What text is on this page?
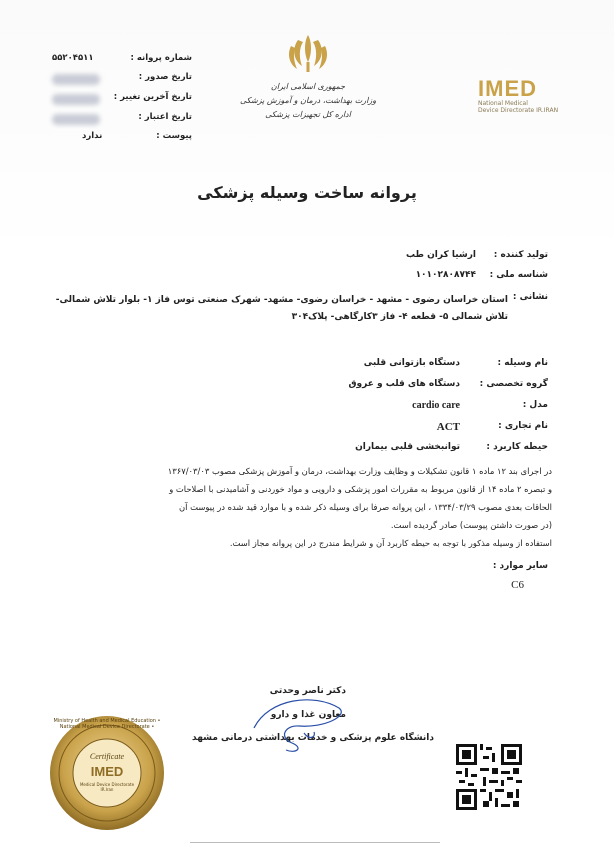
شماره پروانه :
۵۵۲۰۴۵۱۱
تاریخ صدور :
تاریخ آخرین تغییر :
تاریخ اعتبار :
پیوست :
ندارد
جمهوری اسلامی ایران
وزارت بهداشت، درمان و آموزش پزشکی
اداره کل تجهیزات پزشکی
IMED
National Medical
Device Directorate IR.IRAN
پروانه ساخت وسیله پزشکی
تولید کننده :
ارشیا کران طب
شناسه ملی :
۱۰۱۰۲۸۰۸۷۴۴
نشانی :
استان خراسان رضوی - مشهد - خراسان رضوی- مشهد- شهرک صنعتی توس فاز ۱- بلوار تلاش شمالی-
تلاش شمالی ۵- قطعه ۴- فاز ۳کارگاهی- پلاک۳۰۴
نام وسیله :
دستگاه بازتوانی قلبی
گروه تخصصی :
دستگاه های قلب و عروق
مدل :
cardio care
نام تجاری :
ACT
حیطه کاربرد :
توانبخشی قلبی بیماران
در اجرای بند ۱۲ ماده ۱ قانون تشکیلات و وظایف وزارت بهداشت، درمان و آموزش پزشکی مصوب ۱۳۶۷/۰۳/۰۳
و تبصره ۲ ماده ۱۴ از قانون مربوط به مقررات امور پزشکی و دارویی و مواد خوردنی و آشامیدنی با اصلاحات و
الحاقات بعدی مصوب ۱۳۳۴/۰۳/۲۹ ، این پروانه صرفا برای وسیله ذکر شده و با موارد قید شده در پیوست آن
(در صورت داشتن پیوست) صادر گردیده است.
استفاده از وسیله مذکور با توجه به حیطه کاربرد آن و شرایط مندرج در این پروانه مجاز است.
سایر موارد :
C6
دکتر ناصر وحدتی
معاون غذا و دارو
دانشگاه علوم پزشکی و خدمات بهداشتی درمانی مشهد
Ministry of Health and Medical Education • National Medical Device Directorate •
Certificate
IMED
Medical Device Directorate IR.Iran
